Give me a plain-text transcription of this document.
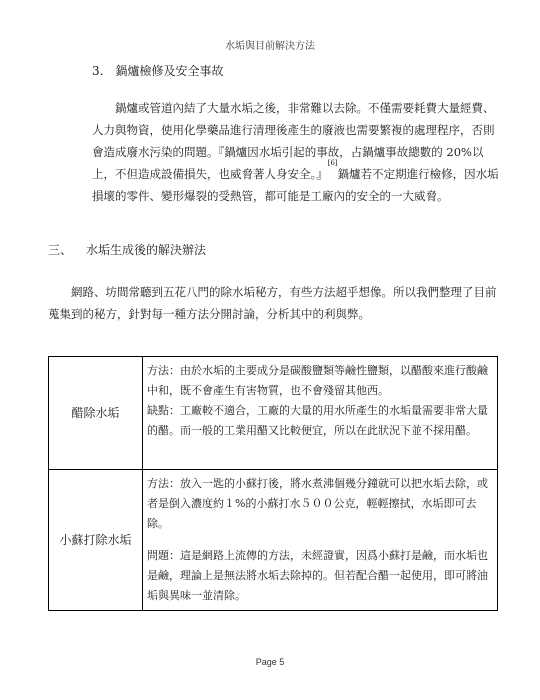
水垢與目前解決方法
3.　鍋爐檢修及安全事故

鍋爐或管道內結了大量水垢之後，非常難以去除。不僅需要耗費大量經費、人力與物資，使用化學藥品進行清理後產生的廢液也需要繁複的處理程序，否則會造成廢水污染的問題。『鍋爐因水垢引起的事故，占鍋爐事故總數的 20%以上，不但造成設備損失，也威脅著人身安全。』[6]鍋爐若不定期進行檢修，因水垢損壞的零件、變形爆裂的受熱管，都可能是工廠內的安全的一大威脅。

三、 水垢生成後的解決辦法

網路、坊間常聽到五花八門的除水垢秘方，有些方法超乎想像。所以我們整理了目前蒐集到的秘方，針對每一種方法分開討論，分析其中的利與弊。

醋除水垢	方法：由於水垢的主要成分是碳酸鹽類等鹼性鹽類，以醋酸來進行酸鹼中和，既不會產生有害物質，也不會殘留其他西。

缺點：工廠較不適合，工廠的大量的用水所產生的水垢量需要非常大量的醋。而一般的工業用醋又比較便宜，所以在此狀況下並不採用醋。

小蘇打除水垢	方法：放入一匙的小蘇打後，將水煮沸個幾分鐘就可以把水垢去除，或者是倒入濃度約１%的小蘇打水５００公克，輕輕擦拭，水垢即可去除。

問題：這是網路上流傳的方法，未經證實，因爲小蘇打是鹼，而水垢也是鹼，理論上是無法將水垢去除掉的。但若配合醋一起使用，即可將油垢與異味一並清除。

Page 5
